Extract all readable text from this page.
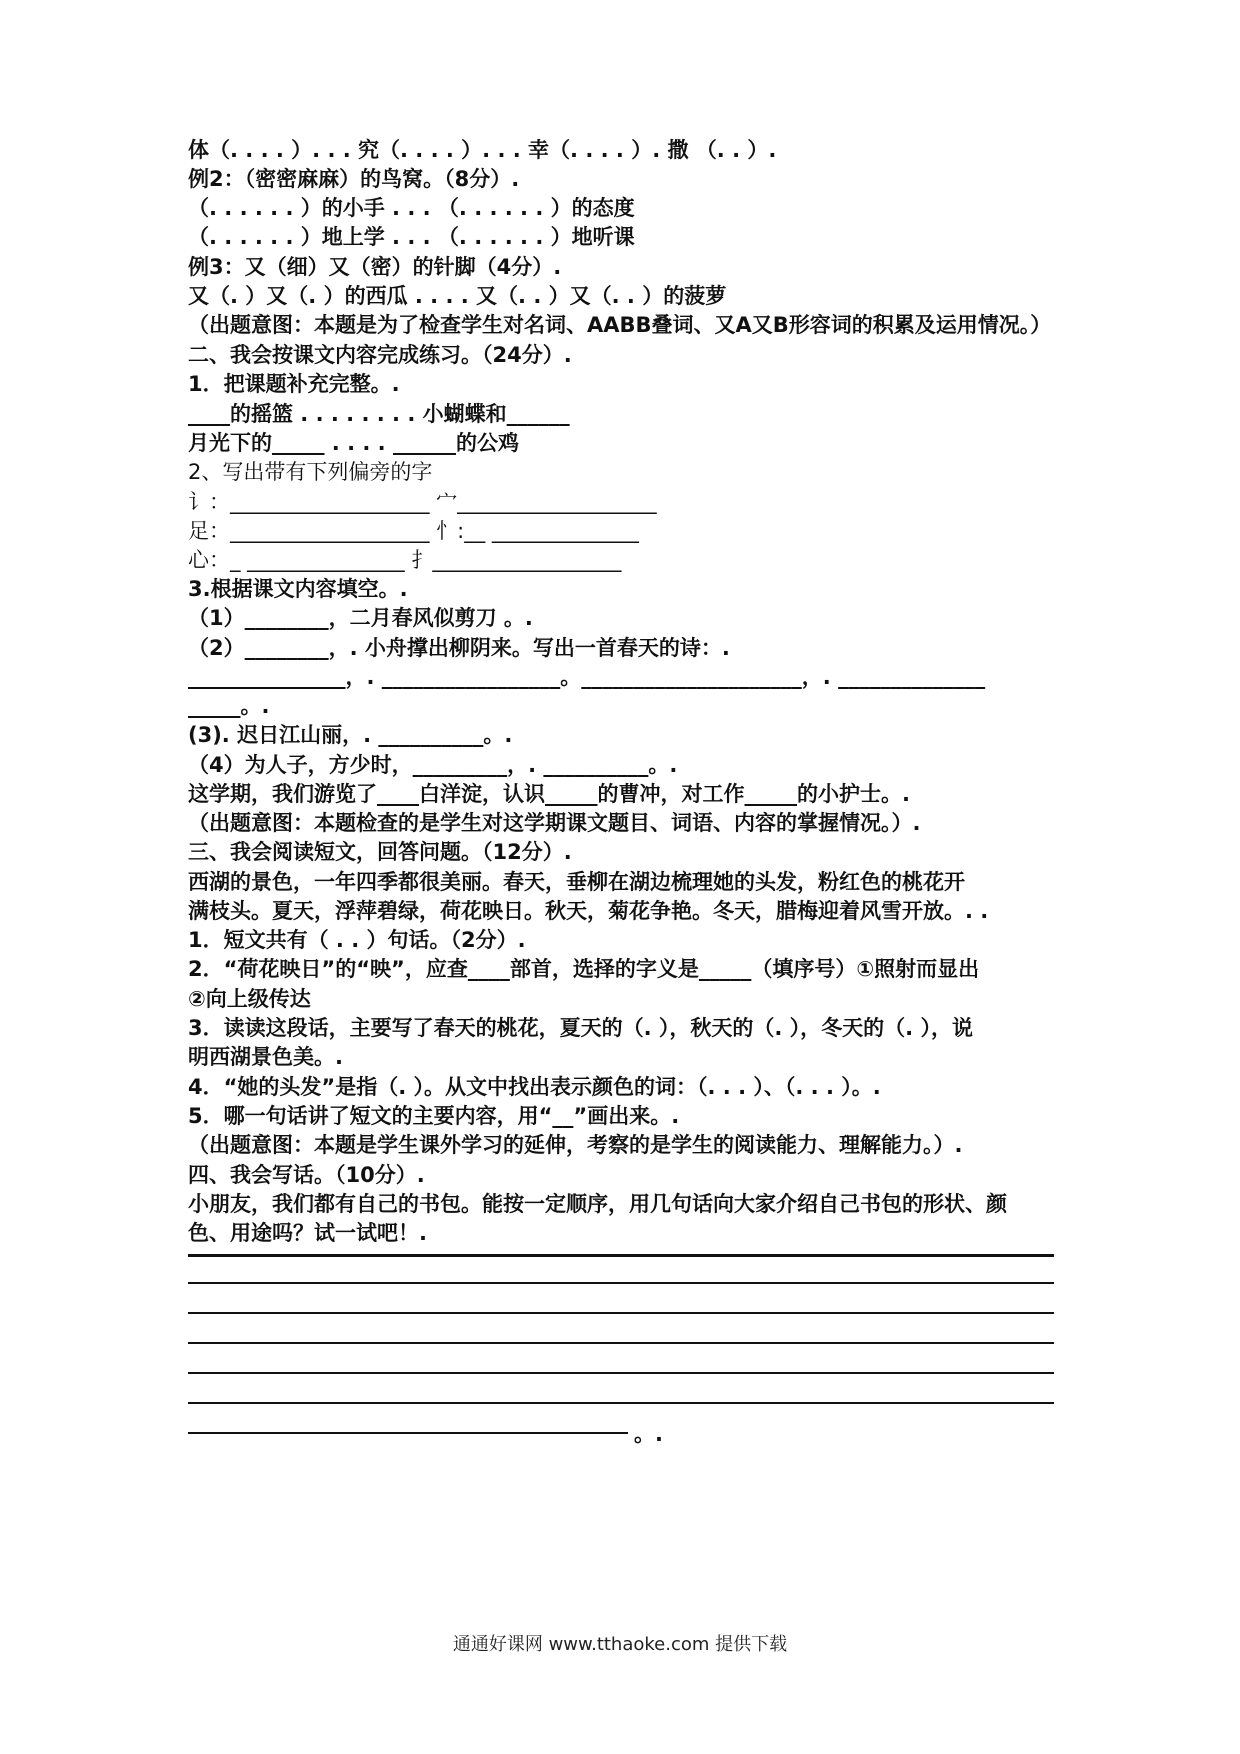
体（. . . . ）. . . 究（. . . . ）. . . 幸（. . . . ）. 撒 （. . ）.
例2：（密密麻麻）的鸟窝。（8分）.
（. . . . . . ）的小手 . . . （. . . . . . ）的态度
（. . . . . . ）地上学 . . . （. . . . . . ）地听课
例3：又（细）又（密）的针脚（4分）.
又（. ）又（. ）的西瓜 . . . . 又（. . ）又（. . ）的菠萝
（出题意图：本题是为了检查学生对名词、AABB叠词、又A又B形容词的积累及运用情况。）
二、我会按课文内容完成练习。（24分）.
1．把课题补充完整。.
____的摇篮 . . . . . . . . 小蝴蝶和______
月光下的_____ . . . . ______的公鸡
2、写出带有下列偏旁的字
讠：___________________ 宀___________________
足：___________________ 忄:__ ______________
心：_ _______________ 扌__________________
3.根据课文内容填空。.
（1）________，二月春风似剪刀 。.
（2）________，. 小舟撑出柳阴来。写出一首春天的诗：.
_______________，. _________________。_____________________，. ______________
_____。.
(3). 迟日江山丽，. __________。.
（4）为人子，方少时，_________，. __________。.
这学期，我们游览了____白洋淀，认识_____的曹冲，对工作_____的小护士。.
（出题意图：本题检查的是学生对这学期课文题目、词语、内容的掌握情况。）.
三、我会阅读短文，回答问题。（12分）.
西湖的景色，一年四季都很美丽。春天，垂柳在湖边梳理她的头发，粉红色的桃花开
满枝头。夏天，浮萍碧绿，荷花映日。秋天，菊花争艳。冬天，腊梅迎着风雪开放。. .
1．短文共有（ . . ）句话。（2分）.
2．“荷花映日”的“映”，应查____部首，选择的字义是_____（填序号）①照射而显出
②向上级传达
3．读读这段话，主要写了春天的桃花，夏天的（. ），秋天的（. ），冬天的（. ），说
明西湖景色美。.
4．“她的头发”是指（. ）。从文中找出表示颜色的词：（. . . ）、（. . . ）。.
5．哪一句话讲了短文的主要内容，用“__”画出来。.
（出题意图：本题是学生课外学习的延伸，考察的是学生的阅读能力、理解能力。）.
四、我会写话。（10分）.
小朋友，我们都有自己的书包。能按一定顺序，用几句话向大家介绍自己书包的形状、颜
色、用途吗？试一试吧！.
。.
通通好课网 www.tthaoke.com 提供下载
